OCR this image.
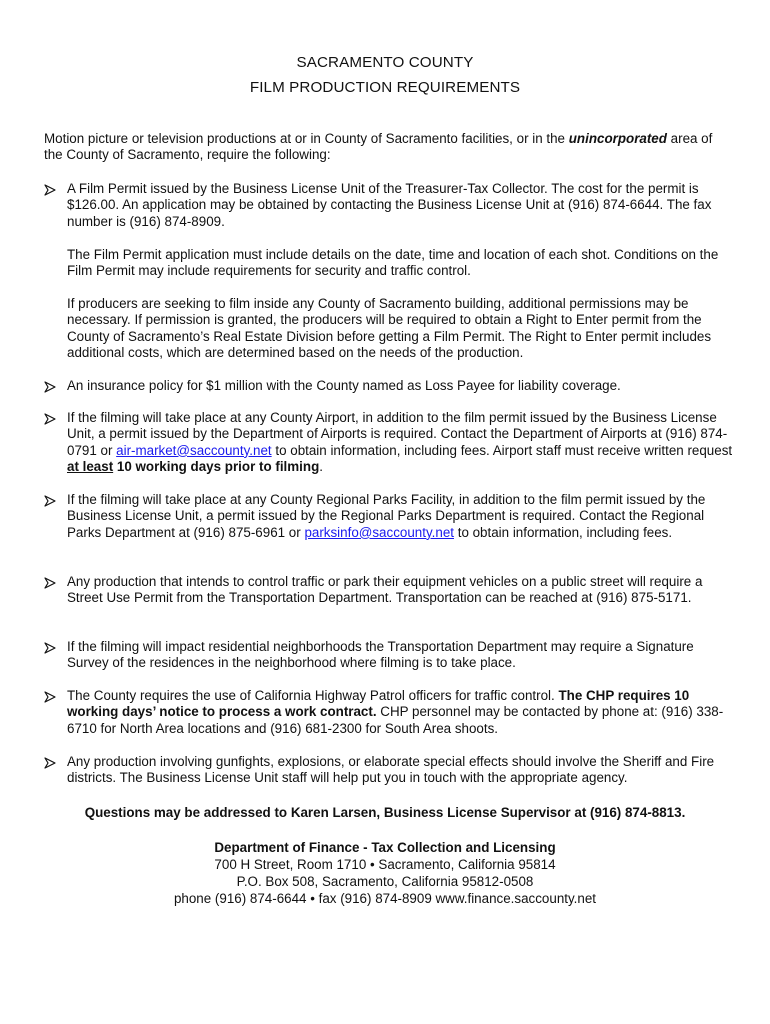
SACRAMENTO COUNTY
FILM PRODUCTION REQUIREMENTS
Motion picture or television productions at or in County of Sacramento facilities, or in the unincorporated area of the County of Sacramento, require the following:
A Film Permit issued by the Business License Unit of the Treasurer-Tax Collector. The cost for the permit is $126.00. An application may be obtained by contacting the Business License Unit at (916) 874-6644. The fax number is (916) 874-8909.
The Film Permit application must include details on the date, time and location of each shot. Conditions on the Film Permit may include requirements for security and traffic control.
If producers are seeking to film inside any County of Sacramento building, additional permissions may be necessary. If permission is granted, the producers will be required to obtain a Right to Enter permit from the County of Sacramento’s Real Estate Division before getting a Film Permit. The Right to Enter permit includes additional costs, which are determined based on the needs of the production.
An insurance policy for $1 million with the County named as Loss Payee for liability coverage.
If the filming will take place at any County Airport, in addition to the film permit issued by the Business License Unit, a permit issued by the Department of Airports is required. Contact the Department of Airports at (916) 874-0791 or air-market@saccounty.net to obtain information, including fees. Airport staff must receive written request at least 10 working days prior to filming.
If the filming will take place at any County Regional Parks Facility, in addition to the film permit issued by the Business License Unit, a permit issued by the Regional Parks Department is required. Contact the Regional Parks Department at (916) 875-6961 or parksinfo@saccounty.net to obtain information, including fees.
Any production that intends to control traffic or park their equipment vehicles on a public street will require a Street Use Permit from the Transportation Department. Transportation can be reached at (916) 875-5171.
If the filming will impact residential neighborhoods the Transportation Department may require a Signature Survey of the residences in the neighborhood where filming is to take place.
The County requires the use of California Highway Patrol officers for traffic control. The CHP requires 10 working days’ notice to process a work contract. CHP personnel may be contacted by phone at: (916) 338-6710 for North Area locations and (916) 681-2300 for South Area shoots.
Any production involving gunfights, explosions, or elaborate special effects should involve the Sheriff and Fire districts. The Business License Unit staff will help put you in touch with the appropriate agency.
Questions may be addressed to Karen Larsen, Business License Supervisor at (916) 874-8813.
Department of Finance - Tax Collection and Licensing
700 H Street, Room 1710 • Sacramento, California 95814
P.O. Box 508, Sacramento, California 95812-0508
phone (916) 874-6644 • fax (916) 874-8909 www.finance.saccounty.net
